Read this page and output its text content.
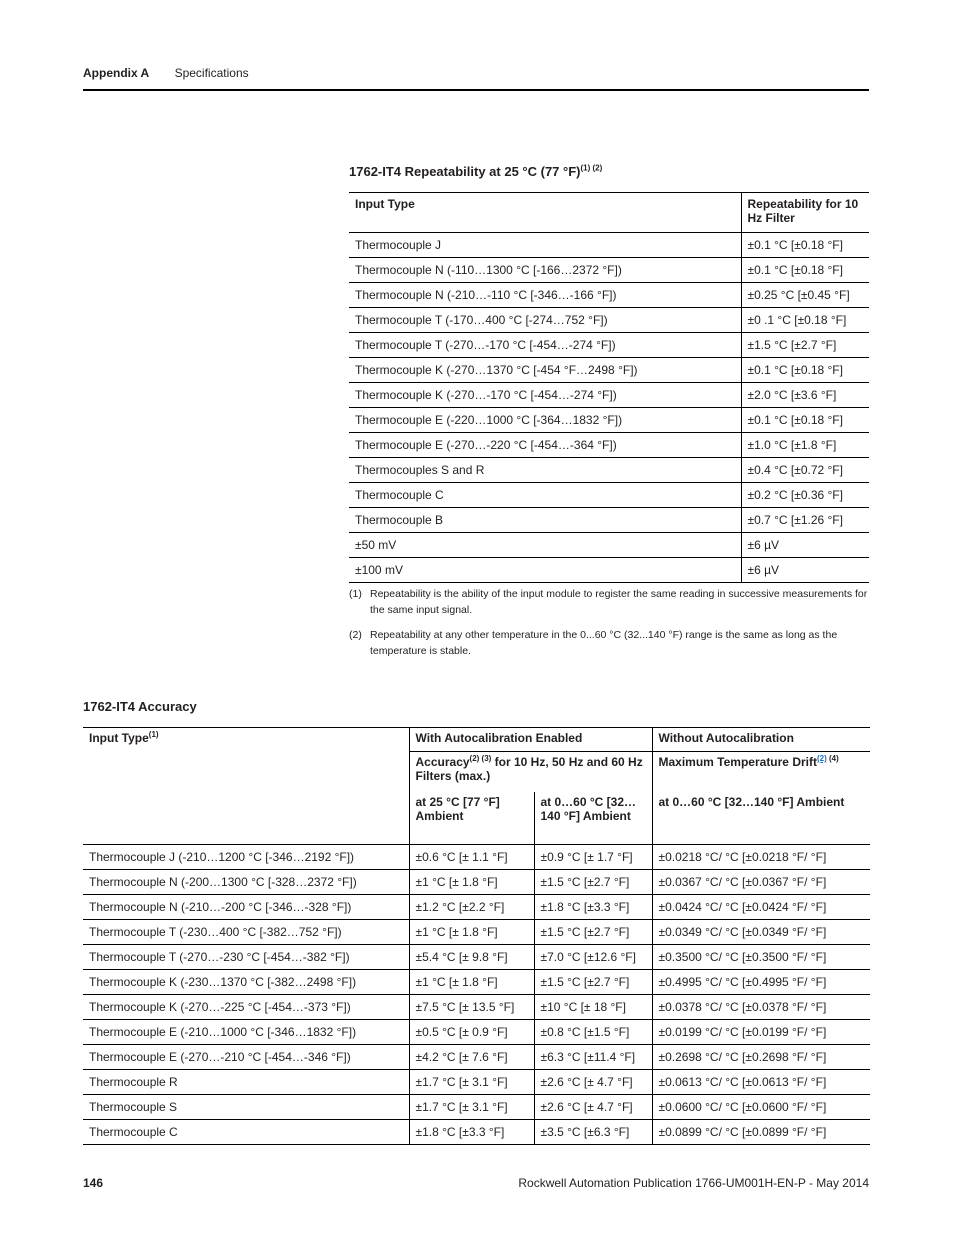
Appendix A Specifications
1762-IT4 Repeatability at 25 °C (77 °F)$^{(1) (2)}$
Input Type	Repeatability for 10 Hz Filter
Thermocouple J	±0.1 °C [±0.18 °F]
Thermocouple N (-110…1300 °C [-166…2372 °F])	±0.1 °C [±0.18 °F]
Thermocouple N (-210…-110 °C [-346…-166 °F])	±0.25 °C [±0.45 °F]
Thermocouple T (-170…400 °C [-274…752 °F])	±0 .1 °C [±0.18 °F]
Thermocouple T (-270…-170 °C [-454…-274 °F])	±1.5 °C [±2.7 °F]
Thermocouple K (-270…1370 °C [-454 °F…2498 °F])	±0.1 °C [±0.18 °F]
Thermocouple K (-270…-170 °C [-454…-274 °F])	±2.0 °C [±3.6 °F]
Thermocouple E (-220…1000 °C [-364…1832 °F])	±0.1 °C [±0.18 °F]
Thermocouple E (-270…-220 °C [-454…-364 °F])	±1.0 °C [±1.8 °F]
Thermocouples S and R	±0.4 °C [±0.72 °F]
Thermocouple C	±0.2 °C [±0.36 °F]
Thermocouple B	±0.7 °C [±1.26 °F]
±50 mV	±6 µV
±100 mV	±6 µV
(1) Repeatability is the ability of the input module to register the same reading in successive measurements for the same input signal.
(2) Repeatability at any other temperature in the 0...60 °C (32...140 °F) range is the same as long as the temperature is stable.
1762-IT4 Accuracy
Input Type$^{(1)}$	With Autocalibration Enabled		Without Autocalibration
	Accuracy$^{(2) (3)}$ for 10 Hz, 50 Hz and 60 Hz Filters (max.)		Maximum Temperature Drift$^{(2)}$ $^{(4)}$
	at 25 °C [77 °F] Ambient	at 0…60 °C [32…140 °F] Ambient	at 0…60 °C [32…140 °F] Ambient
Thermocouple J (-210…1200 °C [-346…2192 °F])	±0.6 °C [± 1.1 °F]	±0.9 °C [± 1.7 °F]	±0.0218 °C/ °C [±0.0218 °F/ °F]
Thermocouple N (-200…1300 °C [-328…2372 °F])	±1 °C [± 1.8 °F]	±1.5 °C [±2.7 °F]	±0.0367 °C/ °C [±0.0367 °F/ °F]
Thermocouple N (-210…-200 °C [-346…-328 °F])	±1.2 °C [±2.2 °F]	±1.8 °C [±3.3 °F]	±0.0424 °C/ °C [±0.0424 °F/ °F]
Thermocouple T (-230…400 °C [-382…752 °F])	±1 °C [± 1.8 °F]	±1.5 °C [±2.7 °F]	±0.0349 °C/ °C [±0.0349 °F/ °F]
Thermocouple T (-270…-230 °C [-454…-382 °F])	±5.4 °C [± 9.8 °F]	±7.0 °C [±12.6 °F]	±0.3500 °C/ °C [±0.3500 °F/ °F]
Thermocouple K (-230…1370 °C [-382…2498 °F])	±1 °C [± 1.8 °F]	±1.5 °C [±2.7 °F]	±0.4995 °C/ °C [±0.4995 °F/ °F]
Thermocouple K (-270…-225 °C [-454…-373 °F])	±7.5 °C [± 13.5 °F]	±10 °C [± 18 °F]	±0.0378 °C/ °C [±0.0378 °F/ °F]
Thermocouple E (-210…1000 °C [-346…1832 °F])	±0.5 °C [± 0.9 °F]	±0.8 °C [±1.5 °F]	±0.0199 °C/ °C [±0.0199 °F/ °F]
Thermocouple E (-270…-210 °C [-454…-346 °F])	±4.2 °C [± 7.6 °F]	±6.3 °C [±11.4 °F]	±0.2698 °C/ °C [±0.2698 °F/ °F]
Thermocouple R	±1.7 °C [± 3.1 °F]	±2.6 °C [± 4.7 °F]	±0.0613 °C/ °C [±0.0613 °F/ °F]
Thermocouple S	±1.7 °C [± 3.1 °F]	±2.6 °C [± 4.7 °F]	±0.0600 °C/ °C [±0.0600 °F/ °F]
Thermocouple C	±1.8 °C [±3.3 °F]	±3.5 °C [±6.3 °F]	±0.0899 °C/ °C [±0.0899 °F/ °F]
146	Rockwell Automation Publication 1766-UM001H-EN-P - May 2014
